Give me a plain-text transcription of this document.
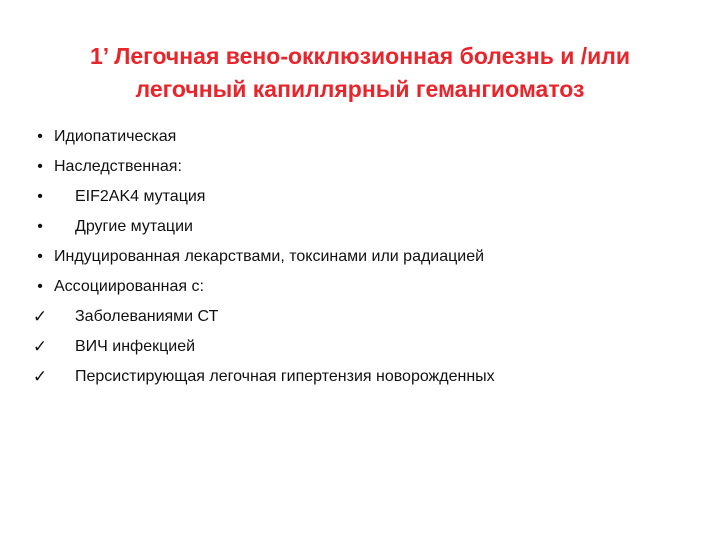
1’ Легочная вено-окклюзионная болезнь и /или
легочный капиллярный гемангиоматоз
• Идиопатическая
• Наследственная:
•	EIF2AK4 мутация
•	Другие мутации
• Индуцированная лекарствами, токсинами или радиацией
• Ассоциированная с:
✓ Заболеваниями СТ
✓ ВИЧ инфекцией
✓ Персистирующая легочная гипертензия новорожденных
